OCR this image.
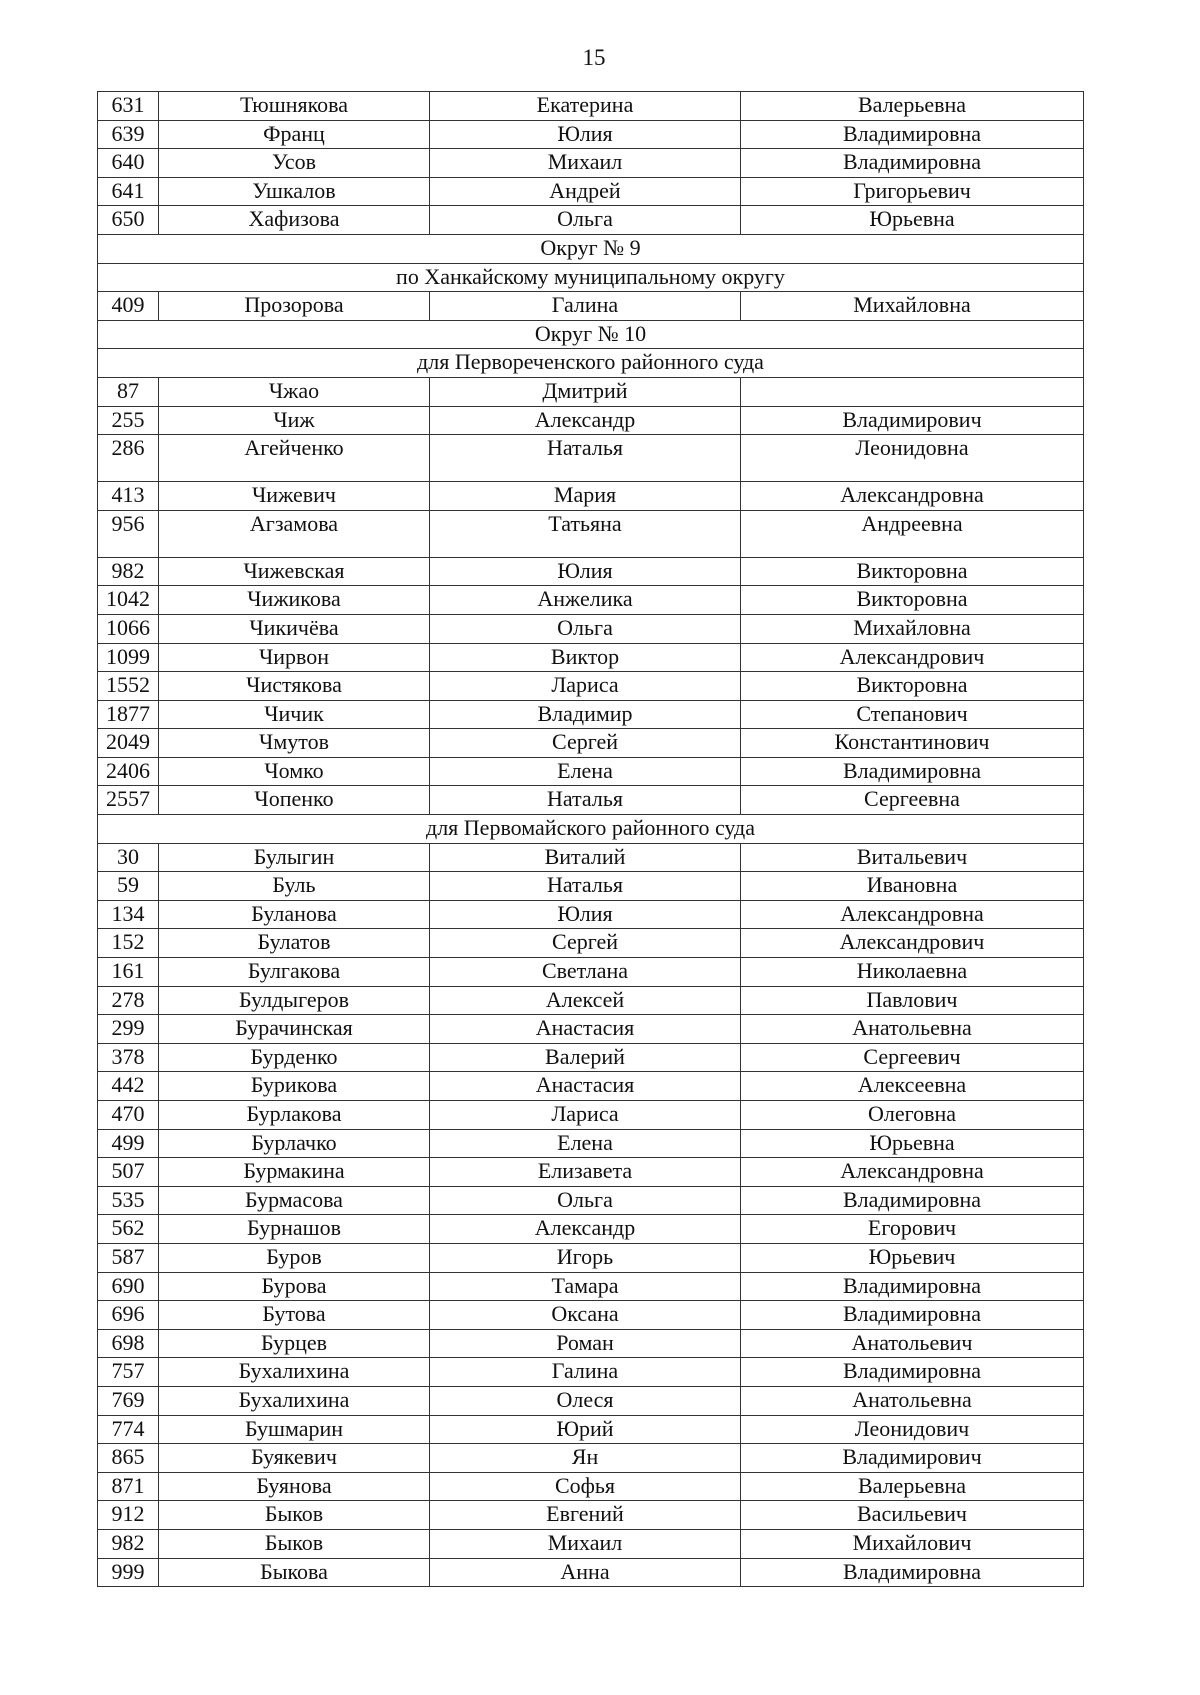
15
631	Тюшнякова	Екатерина	Валерьевна
639	Франц	Юлия	Владимировна
640	Усов	Михаил	Владимировна
641	Ушкалов	Андрей	Григорьевич
650	Хафизова	Ольга	Юрьевна
Округ № 9			
по Ханкайскому муниципальному округу			
409	Прозорова	Галина	Михайловна
Округ № 10			
для Первореченского районного суда			
87	Чжао	Дмитрий	
255	Чиж	Александр	Владимирович
286	Агейченко	Наталья	Леонидовна
413	Чижевич	Мария	Александровна
956	Агзамова	Татьяна	Андреевна
982	Чижевская	Юлия	Викторовна
1042	Чижикова	Анжелика	Викторовна
1066	Чикичёва	Ольга	Михайловна
1099	Чирвон	Виктор	Александрович
1552	Чистякова	Лариса	Викторовна
1877	Чичик	Владимир	Степанович
2049	Чмутов	Сергей	Константинович
2406	Чомко	Елена	Владимировна
2557	Чопенко	Наталья	Сергеевна
для Первомайского районного суда			
30	Булыгин	Виталий	Витальевич
59	Буль	Наталья	Ивановна
134	Буланова	Юлия	Александровна
152	Булатов	Сергей	Александрович
161	Булгакова	Светлана	Николаевна
278	Булдыгеров	Алексей	Павлович
299	Бурачинская	Анастасия	Анатольевна
378	Бурденко	Валерий	Сергеевич
442	Бурикова	Анастасия	Алексеевна
470	Бурлакова	Лариса	Олеговна
499	Бурлачко	Елена	Юрьевна
507	Бурмакина	Елизавета	Александровна
535	Бурмасова	Ольга	Владимировна
562	Бурнашов	Александр	Егорович
587	Буров	Игорь	Юрьевич
690	Бурова	Тамара	Владимировна
696	Бутова	Оксана	Владимировна
698	Бурцев	Роман	Анатольевич
757	Бухалихина	Галина	Владимировна
769	Бухалихина	Олеся	Анатольевна
774	Бушмарин	Юрий	Леонидович
865	Буякевич	Ян	Владимирович
871	Буянова	Софья	Валерьевна
912	Быков	Евгений	Васильевич
982	Быков	Михаил	Михайлович
999	Быкова	Анна	Владимировна
